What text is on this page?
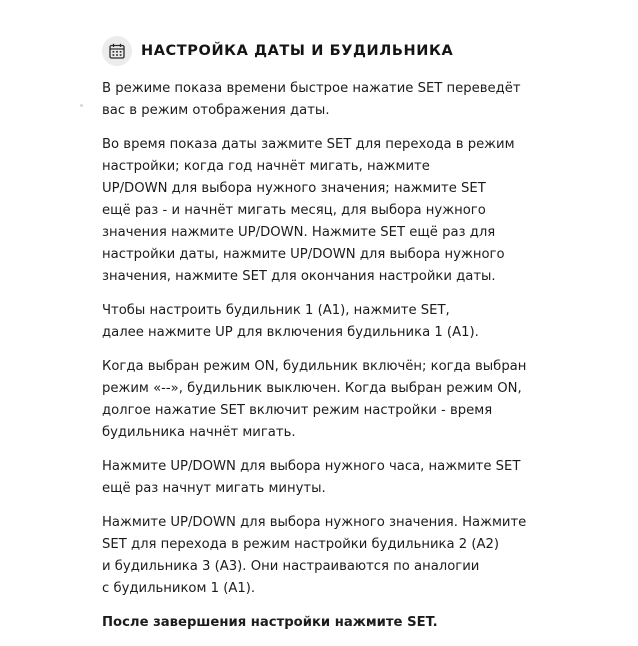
НАСТРОЙКА ДАТЫ И БУДИЛЬНИКА

В режиме показа времени быстрое нажатие SET переведёт
вас в режим отображения даты.

Во время показа даты зажмите SET для перехода в режим
настройки; когда год начнёт мигать, нажмите
UP/DOWN для выбора нужного значения; нажмите SET
ещё раз - и начнёт мигать месяц, для выбора нужного
значения нажмите UP/DOWN. Нажмите SET ещё раз для
настройки даты, нажмите UP/DOWN для выбора нужного
значения, нажмите SET для окончания настройки даты.

Чтобы настроить будильник 1 (А1), нажмите SET,
далее нажмите UP для включения будильника 1 (А1).

Когда выбран режим ON, будильник включён; когда выбран
режим «--», будильник выключен. Когда выбран режим ON,
долгое нажатие SET включит режим настройки - время
будильника начнёт мигать.

Нажмите UP/DOWN для выбора нужного часа, нажмите SET
ещё раз начнут мигать минуты.

Нажмите UP/DOWN для выбора нужного значения. Нажмите
SET для перехода в режим настройки будильника 2 (А2)
и будильника 3 (А3). Они настраиваются по аналогии
с будильником 1 (А1).

После завершения настройки нажмите SET.
